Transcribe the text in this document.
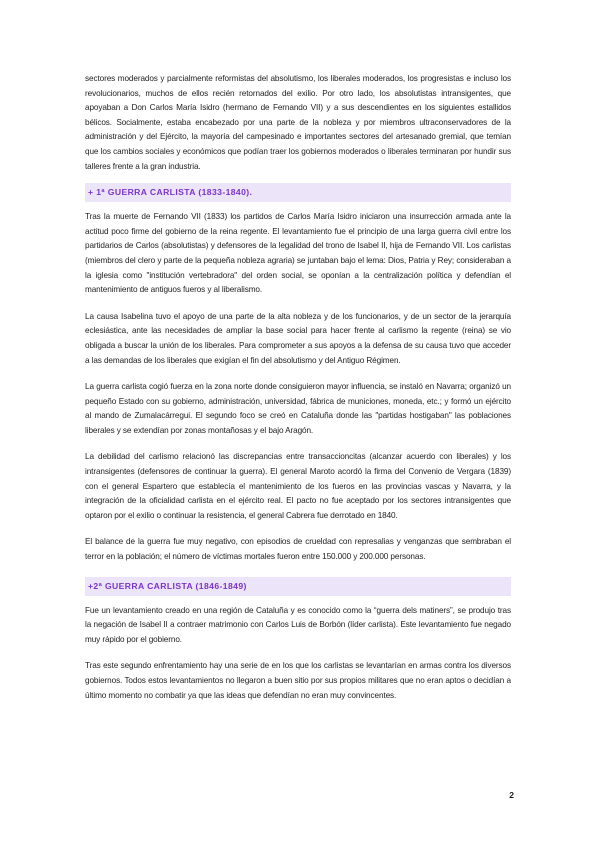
sectores moderados y parcialmente reformistas del absolutismo, los liberales moderados, los progresistas e incluso los revolucionarios, muchos de ellos recién retornados del exilio. Por otro lado, los absolutistas intransigentes, que apoyaban a Don Carlos María Isidro (hermano de Fernando VII) y a sus descendientes en los siguientes estallidos bélicos. Socialmente, estaba encabezado por una parte de la nobleza y por miembros ultraconservadores de la administración y del Ejército, la mayoría del campesinado e importantes sectores del artesanado gremial, que temían que los cambios sociales y económicos que podían traer los gobiernos moderados o liberales terminaran por hundir sus talleres frente a la gran industria.

+ 1ª GUERRA CARLISTA (1833-1840).

Tras la muerte de Fernando VII (1833) los partidos de Carlos María Isidro iniciaron una insurrección armada ante la actitud poco firme del gobierno de la reina regente. El levantamiento fue el principio de una larga guerra civil entre los partidarios de Carlos (absolutistas) y defensores de la legalidad del trono de Isabel II, hija de Fernando VII. Los carlistas (miembros del clero y parte de la pequeña nobleza agraria) se juntaban bajo el lema: Dios, Patria y Rey; consideraban a la iglesia como "institución vertebradora" del orden social, se oponían a la centralización política y defendían el mantenimiento de antiguos fueros y al liberalismo.

La causa Isabelina tuvo el apoyo de una parte de la alta nobleza y de los funcionarios, y de un sector de la jerarquía eclesiástica, ante las necesidades de ampliar la base social para hacer frente al carlismo la regente (reina) se vio obligada a buscar la unión de los liberales. Para comprometer a sus apoyos a la defensa de su causa tuvo que acceder a las demandas de los liberales que exigían el fin del absolutismo y del Antiguo Régimen.

La guerra carlista cogió fuerza en la zona norte donde consiguieron mayor influencia, se instaló en Navarra; organizó un pequeño Estado con su gobierno, administración, universidad, fábrica de municiones, moneda, etc.; y formó un ejército al mando de Zumalacárregui. El segundo foco se creó en Cataluña donde las "partidas hostigaban" las poblaciones liberales y se extendían por zonas montañosas y el bajo Aragón.

La debilidad del carlismo relacionó las discrepancias entre transaccioncitas (alcanzar acuerdo con liberales) y los intransigentes (defensores de continuar la guerra). El general Maroto acordó la firma del Convenio de Vergara (1839) con el general Espartero que establecía el mantenimiento de los fueros en las provincias vascas y Navarra, y la integración de la oficialidad carlista en el ejército real. El pacto no fue aceptado por los sectores intransigentes que optaron por el exilio o continuar la resistencia, el general Cabrera fue derrotado en 1840.

El balance de la guerra fue muy negativo, con episodios de crueldad con represalias y venganzas que sembraban el terror en la población; el número de víctimas mortales fueron entre 150.000 y 200.000 personas.

+2ª GUERRA CARLISTA (1846-1849)

Fue un levantamiento creado en una región de Cataluña y es conocido como la “guerra dels matiners”, se produjo tras la negación de Isabel II a contraer matrimonio con Carlos Luis de Borbón (líder carlista). Este levantamiento fue negado muy rápido por el gobierno.

Tras este segundo enfrentamiento hay una serie de en los que los carlistas se levantarían en armas contra los diversos gobiernos. Todos estos levantamientos no llegaron a buen sitio por sus propios militares que no eran aptos o decidían a último momento no combatir ya que las ideas que defendían no eran muy convincentes.

2
